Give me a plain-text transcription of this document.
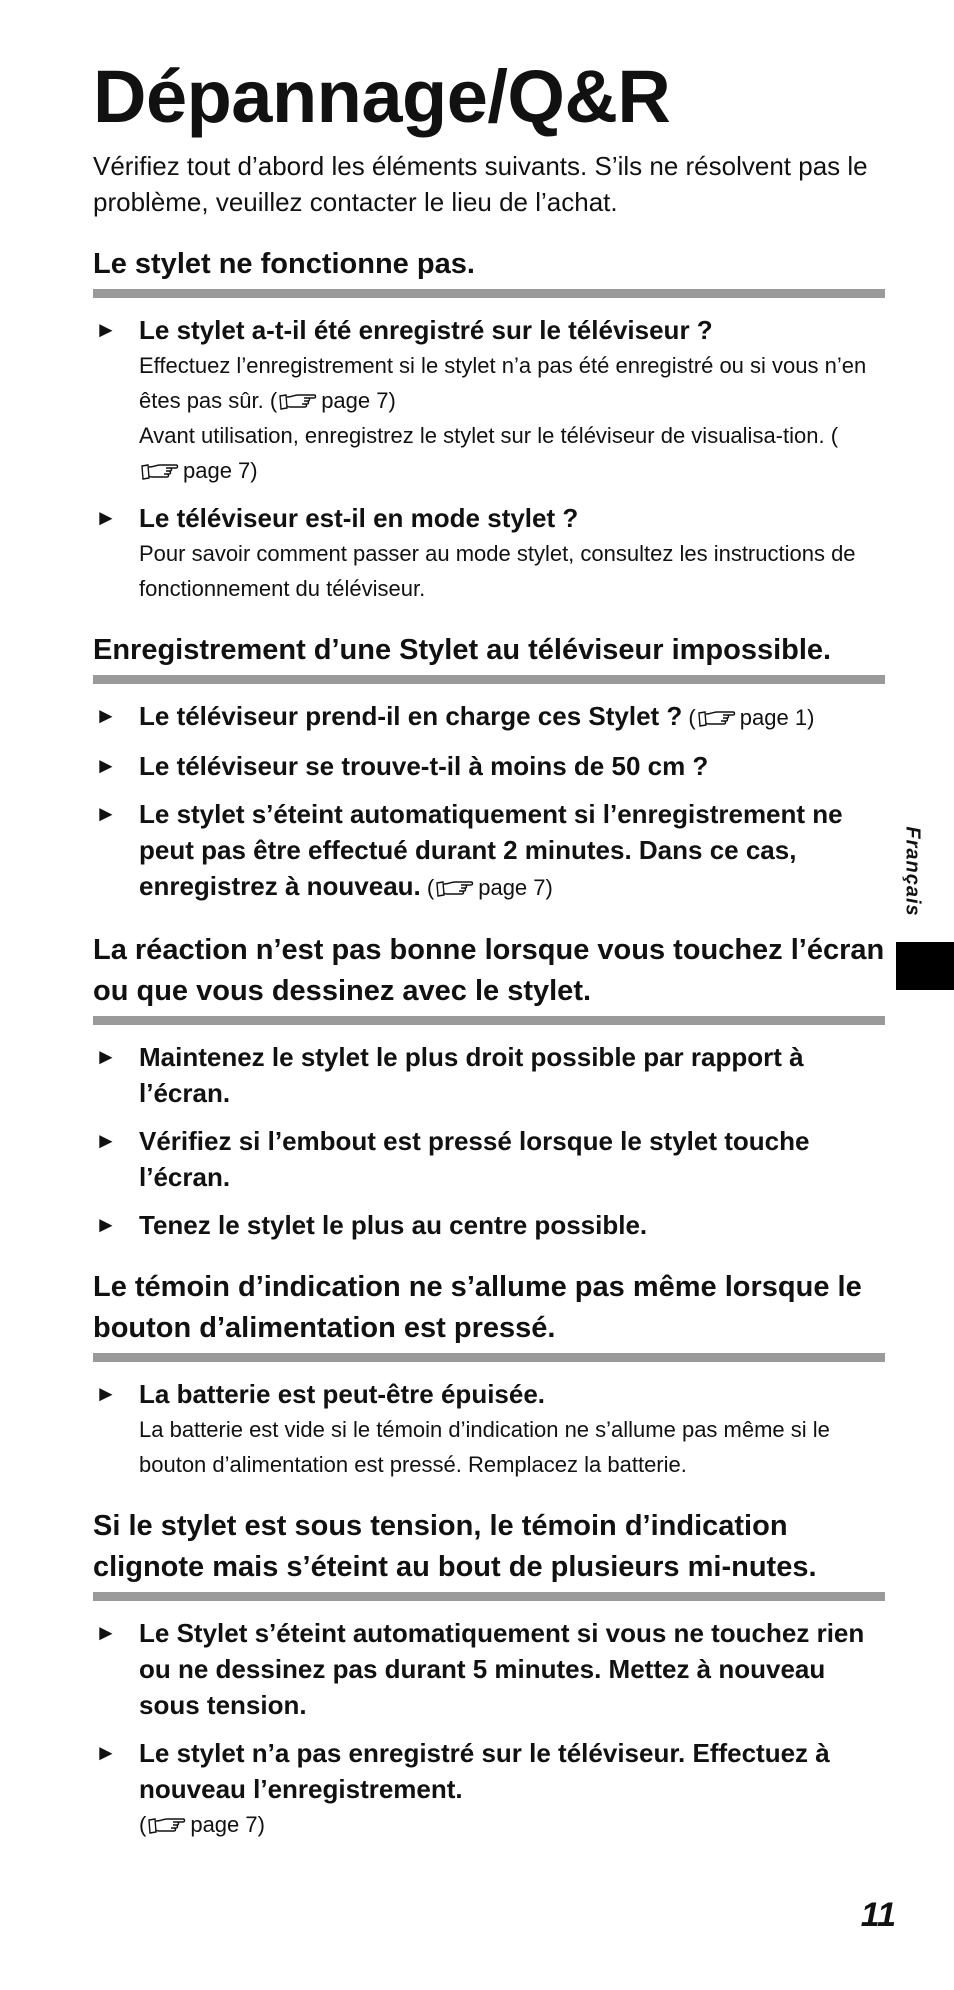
Dépannage/Q&R

Vérifiez tout d’abord les éléments suivants. S’ils ne résolvent pas le problème, veuillez contacter le lieu de l’achat.

Le stylet ne fonctionne pas.
► Le stylet a-t-il été enregistré sur le téléviseur ?
Effectuez l’enregistrement si le stylet n’a pas été enregistré ou si vous n’en êtes pas sûr. ( page 7)
Avant utilisation, enregistrez le stylet sur le téléviseur de visualisa-tion. (page 7)
► Le téléviseur est-il en mode stylet ?
Pour savoir comment passer au mode stylet, consultez les instructions de fonctionnement du téléviseur.
Enregistrement d’une Stylet au téléviseur impossible.
► Le téléviseur prend-il en charge ces Stylet ? ( page 1)
► Le téléviseur se trouve-t-il à moins de 50 cm ?
► Le stylet s’éteint automatiquement si l’enregistrement ne peut pas être effectué durant 2 minutes. Dans ce cas, enregistrez à nouveau. ( page 7)
La réaction n’est pas bonne lorsque vous touchez l’écran ou que vous dessinez avec le stylet.
► Maintenez le stylet le plus droit possible par rapport à l’écran.
► Vérifiez si l’embout est pressé lorsque le stylet touche l’écran.
► Tenez le stylet le plus au centre possible.
Le témoin d’indication ne s’allume pas même lorsque le bouton d’alimentation est pressé.
► La batterie est peut-être épuisée.
La batterie est vide si le témoin d’indication ne s’allume pas même si le bouton d’alimentation est pressé. Remplacez la batterie.
Si le stylet est sous tension, le témoin d’indication clignote mais s’éteint au bout de plusieurs mi-nutes.
► Le Stylet s’éteint automatiquement si vous ne touchez rien ou ne dessinez pas durant 5 minutes. Mettez à nouveau sous tension.
► Le stylet n’a pas enregistré sur le téléviseur. Effectuez à nouveau l’enregistrement.
( page 7)
Français
11
